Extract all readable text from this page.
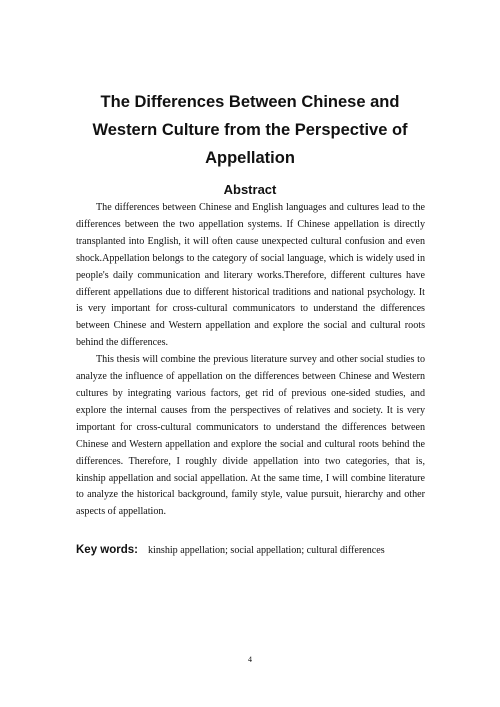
The Differences Between Chinese and
Western Culture from the Perspective of
Appellation
Abstract

The differences between Chinese and English languages and cultures lead to the differences between the two appellation systems. If Chinese appellation is directly transplanted into English, it will often cause unexpected cultural confusion and even shock.Appellation belongs to the category of social language, which is widely used in people's daily communication and literary works.Therefore, different cultures have different appellations due to different historical traditions and national psychology. It is very important for cross-cultural communicators to understand the differences between Chinese and Western appellation and explore the social and cultural roots behind the differences.

This thesis will combine the previous literature survey and other social studies to analyze the influence of appellation on the differences between Chinese and Western cultures by integrating various factors, get rid of previous one-sided studies, and explore the internal causes from the perspectives of relatives and society. It is very important for cross-cultural communicators to understand the differences between Chinese and Western appellation and explore the social and cultural roots behind the differences. Therefore, I roughly divide appellation into two categories, that is, kinship appellation and social appellation. At the same time, I will combine literature to analyze the historical background, family style, value pursuit, hierarchy and other aspects of appellation.

Key words: kinship appellation; social appellation; cultural differences
4
